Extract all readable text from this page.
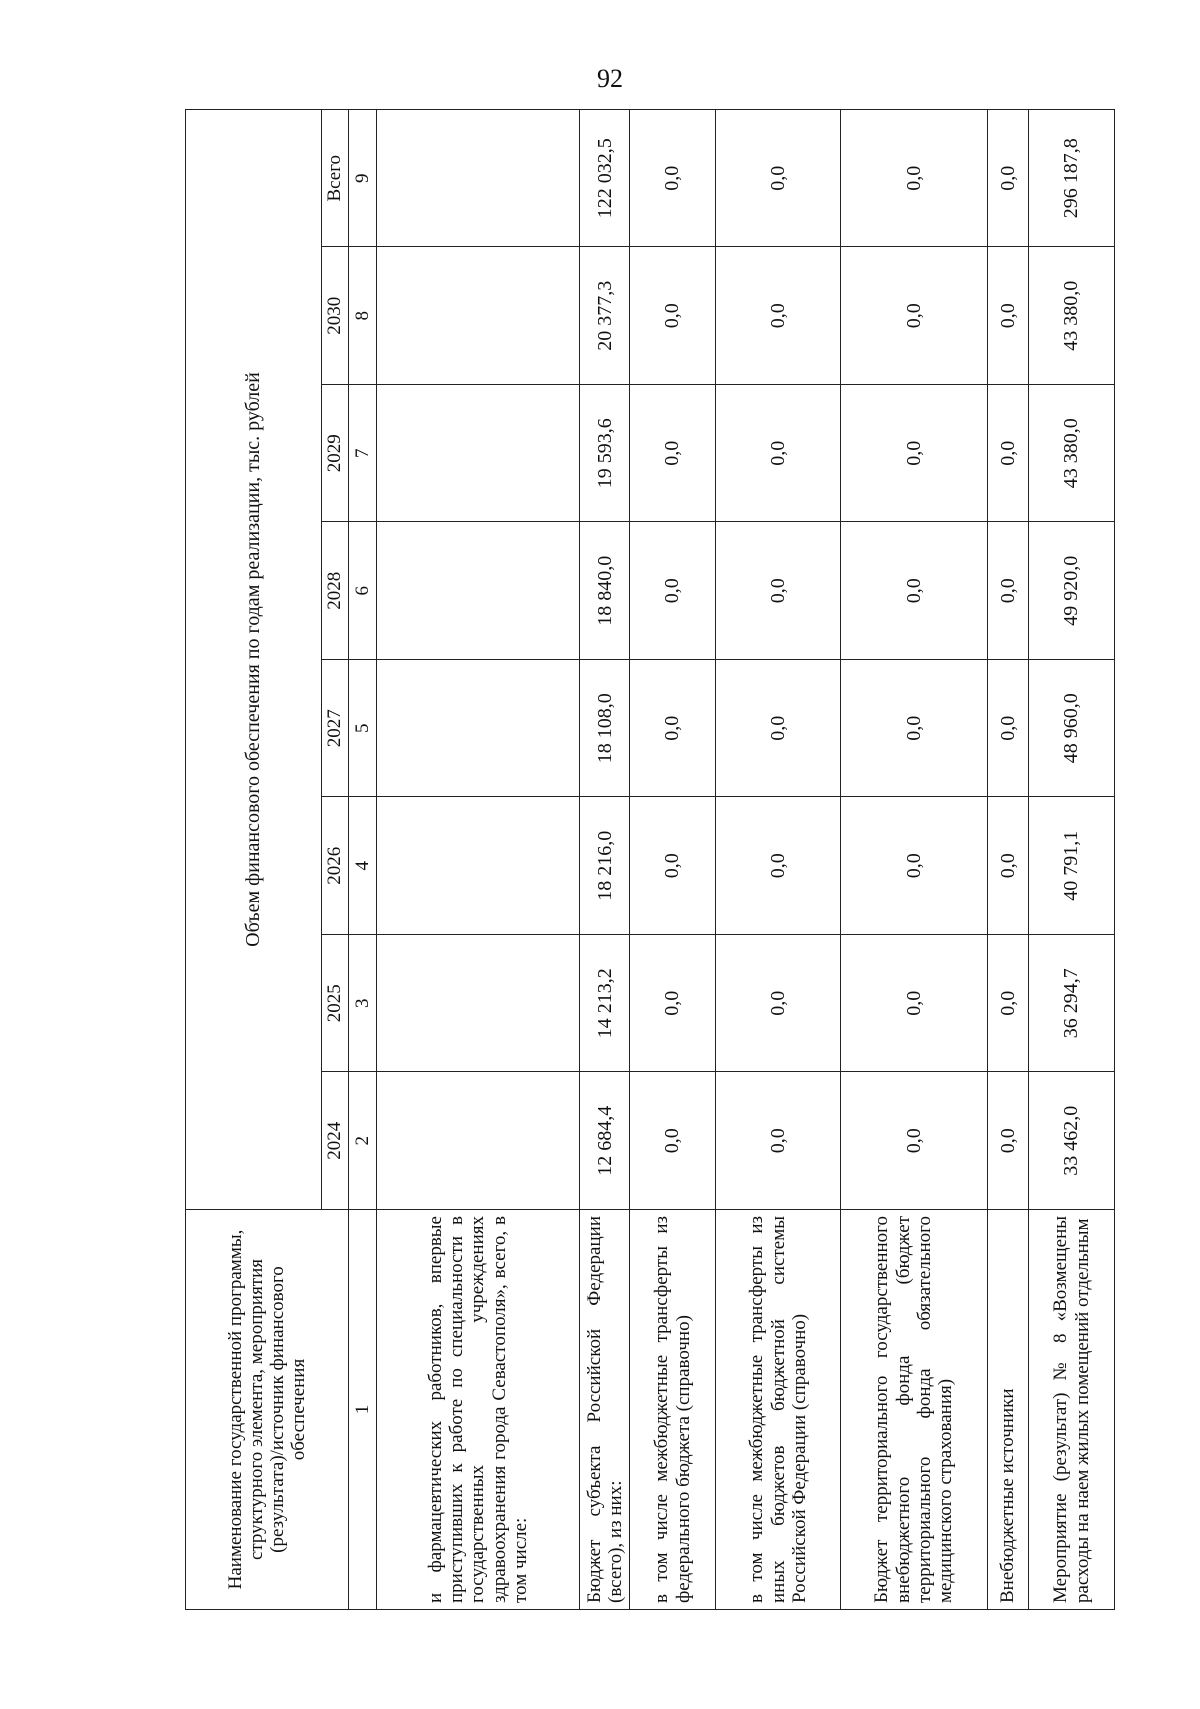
92
Наименование государственной программы, структурного элемента, мероприятия (результата)/источник финансового обеспечения	Объем финансового обеспечения по годам реализации, тыс. рублей							
	2024	2025	2026	2027	2028	2029	2030	Всего
1	2	3	4	5	6	7	8	9
и фармацевтических работников, впервые приступивших к работе по специальности в государственных учреждениях здравоохранения города Севастополя», всего, в том числе:								
Бюджет субъекта Российской Федерации (всего), из них:	12 684,4	14 213,2	18 216,0	18 108,0	18 840,0	19 593,6	20 377,3	122 032,5
в том числе межбюджетные трансферты из федерального бюджета (справочно)	0,0	0,0	0,0	0,0	0,0	0,0	0,0	0,0
в том числе межбюджетные трансферты из иных бюджетов бюджетной системы Российской Федерации (справочно)	0,0	0,0	0,0	0,0	0,0	0,0	0,0	0,0
Бюджет территориального государственного внебюджетного фонда (бюджет территориального фонда обязательного медицинского страхования)	0,0	0,0	0,0	0,0	0,0	0,0	0,0	0,0
Внебюджетные источники	0,0	0,0	0,0	0,0	0,0	0,0	0,0	0,0
Мероприятие (результат) № 8 «Возмещены расходы на наем жилых помещений отдельным	33 462,0	36 294,7	40 791,1	48 960,0	49 920,0	43 380,0	43 380,0	296 187,8
